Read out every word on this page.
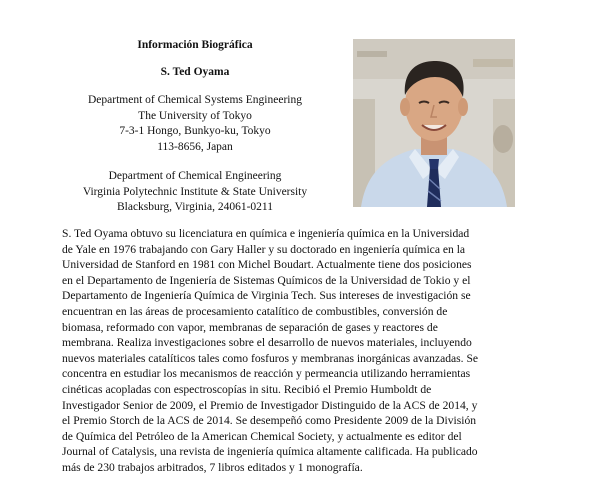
Información Biográfica
S. Ted Oyama
Department of Chemical Systems Engineering
The University of Tokyo
7-3-1 Hongo, Bunkyo-ku, Tokyo
113-8656, Japan
Department of Chemical Engineering
Virginia Polytechnic Institute & State University
Blacksburg, Virginia, 24061-0211

S. Ted Oyama obtuvo su licenciatura en química e ingeniería química en la Universidad
de Yale en 1976 trabajando con Gary Haller y su doctorado en ingeniería química en la
Universidad de Stanford en 1981 con Michel Boudart. Actualmente tiene dos posiciones
en el Departamento de Ingeniería de Sistemas Químicos de la Universidad de Tokio y el
Departamento de Ingeniería Química de Virginia Tech. Sus intereses de investigación se
encuentran en las áreas de procesamiento catalítico de combustibles, conversión de
biomasa, reformado con vapor, membranas de separación de gases y reactores de
membrana. Realiza investigaciones sobre el desarrollo de nuevos materiales, incluyendo
nuevos materiales catalíticos tales como fosfuros y membranas inorgánicas avanzadas. Se
concentra en estudiar los mecanismos de reacción y permeancia utilizando herramientas
cinéticas acopladas con espectroscopías in situ. Recibió el Premio Humboldt de
Investigador Senior de 2009, el Premio de Investigador Distinguido de la ACS de 2014, y
el Premio Storch de la ACS de 2014. Se desempeñó como Presidente 2009 de la División
de Química del Petróleo de la American Chemical Society, y actualmente es editor del
Journal of Catalysis, una revista de ingeniería química altamente calificada. Ha publicado
más de 230 trabajos arbitrados, 7 libros editados y 1 monografía.
